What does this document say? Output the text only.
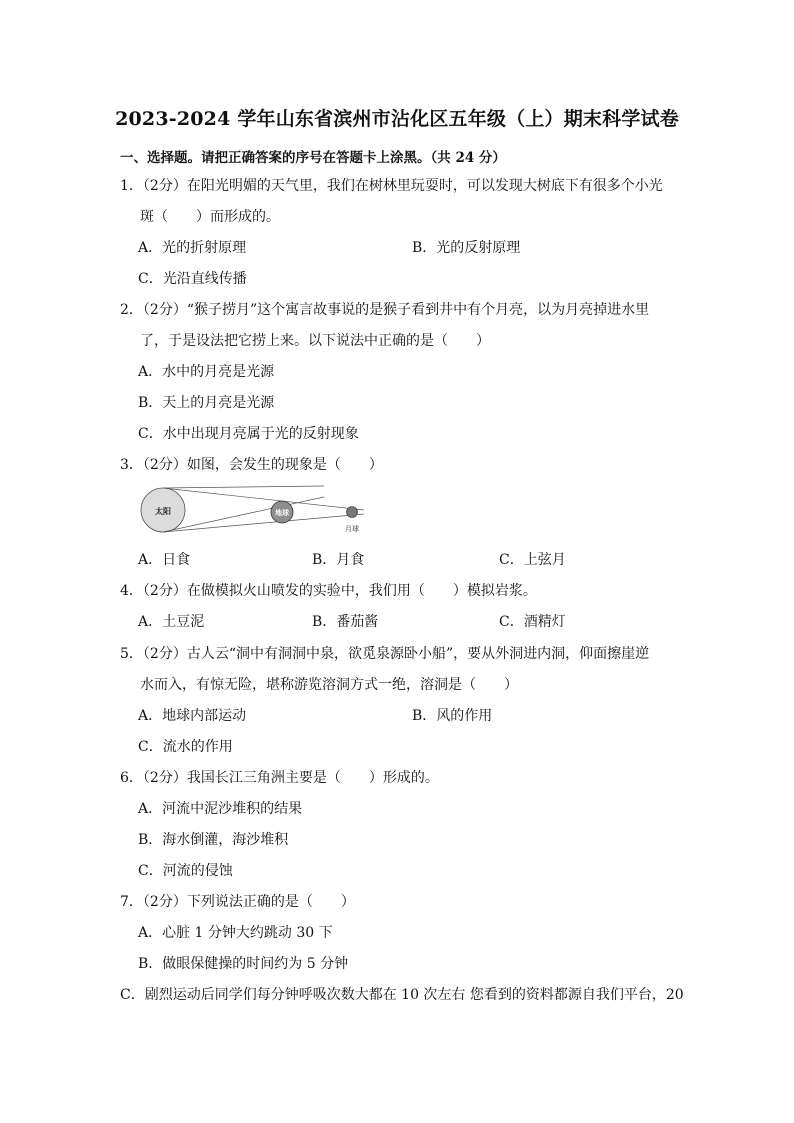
2023-2024 学年山东省滨州市沾化区五年级（上）期末科学试卷
一、选择题。请把正确答案的序号在答题卡上涂黑。（共 24 分）
1．（2分）在阳光明媚的天气里，我们在树林里玩耍时，可以发现大树底下有很多个小光
斑（　　）而形成的。
A．光的折射原理	B．光的反射原理
C．光沿直线传播
2．（2分）“猴子捞月”这个寓言故事说的是猴子看到井中有个月亮，以为月亮掉进水里
了，于是设法把它捞上来。以下说法中正确的是（　　）
A．水中的月亮是光源
B．天上的月亮是光源
C．水中出现月亮属于光的反射现象
3．（2分）如图，会发生的现象是（　　）
太阳	地球
月球
A．日食	B．月食	C．上弦月
4．（2分）在做模拟火山喷发的实验中，我们用（　　）模拟岩浆。
A．土豆泥	B．番茄酱	C．酒精灯
5．（2分）古人云“洞中有洞洞中泉，欲觅泉源卧小船”，要从外洞进内洞，仰面擦崖逆
水而入，有惊无险，堪称游览溶洞方式一绝，溶洞是（　　）
A．地球内部运动	B．风的作用
C．流水的作用
6．（2分）我国长江三角洲主要是（　　）形成的。
A．河流中泥沙堆积的结果
B．海水倒灌，海沙堆积
C．河流的侵蚀
7．（2分）下列说法正确的是（　　）
A．心脏 1 分钟大约跳动 30 下
B．做眼保健操的时间约为 5 分钟
C．剧烈运动后同学们每分钟呼吸次数大都在 10 次左右 您看到的资料都源自我们平台，20
